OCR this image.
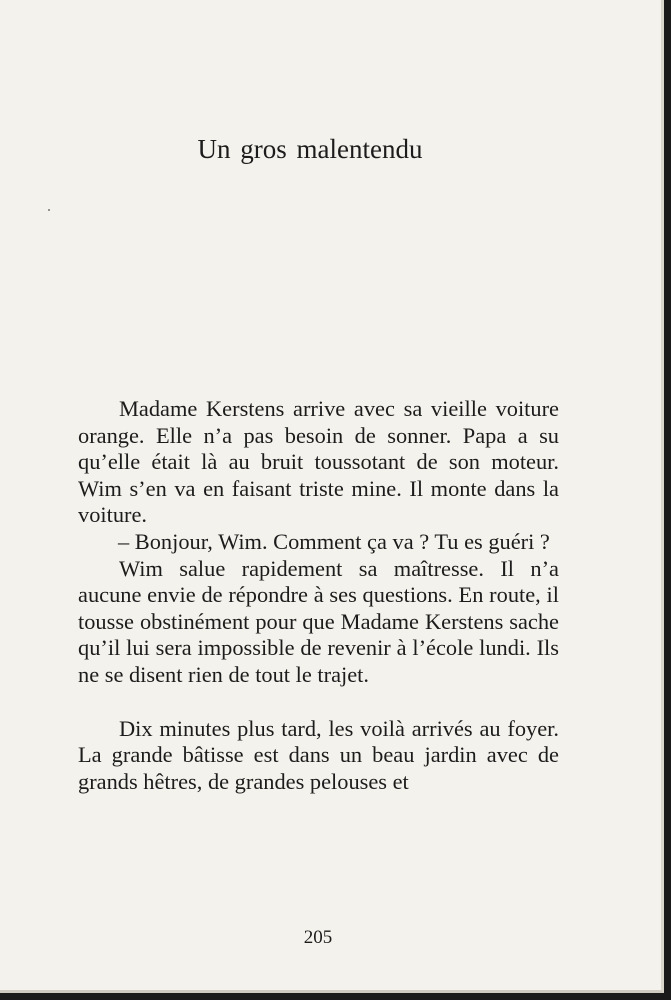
Un gros malentendu

Madame Kerstens arrive avec sa vieille voiture orange. Elle n’a pas besoin de sonner. Papa a su qu’elle était là au bruit toussotant de son moteur. Wim s’en va en faisant triste mine. Il monte dans la voiture.

– Bonjour, Wim. Comment ça va ? Tu es guéri ?

Wim salue rapidement sa maîtresse. Il n’a aucune envie de répondre à ses questions. En route, il tousse obstinément pour que Madame Kerstens sache qu’il lui sera impossible de revenir à l’école lundi. Ils ne se disent rien de tout le trajet.

Dix minutes plus tard, les voilà arrivés au foyer. La grande bâtisse est dans un beau jardin avec de grands hêtres, de grandes pelouses et

205
